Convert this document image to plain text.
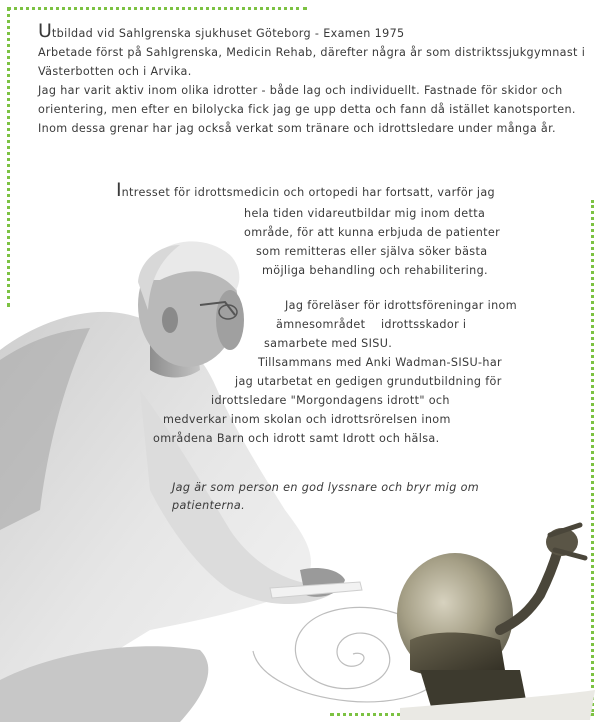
Utbildad vid Sahlgrenska sjukhuset Göteborg - Examen 1975

Arbetade först på Sahlgrenska, Medicin Rehab, därefter några år som distriktssjukgymnast i Västerbotten och i Arvika.

Jag har varit aktiv inom olika idrotter - både lag och individuellt. Fastnade för skidor och orientering, men efter en bilolycka fick jag ge upp detta och fann då istället kanotsporten.

Inom dessa grenar har jag också verkat som tränare och idrottsledare under många år.

Intresset för idrottsmedicin och ortopedi har fortsatt, varför jag

hela tiden vidareutbildar mig inom detta

område, för att kunna erbjuda de patienter

som remitteras eller själva söker bästa

möjliga behandling och rehabilitering.

Jag föreläser för idrottsföreningar inom

ämnesområdet    idrottsskador i

samarbete med SISU.

Tillsammans med Anki Wadman-SISU-har

jag utarbetat en gedigen grundutbildning för

idrottsledare "Morgondagens idrott" och

medverkar inom skolan och idrottsrörelsen inom

områdena Barn och idrott samt Idrott och hälsa.

Jag är som person en god lyssnare och bryr mig om patienterna.
